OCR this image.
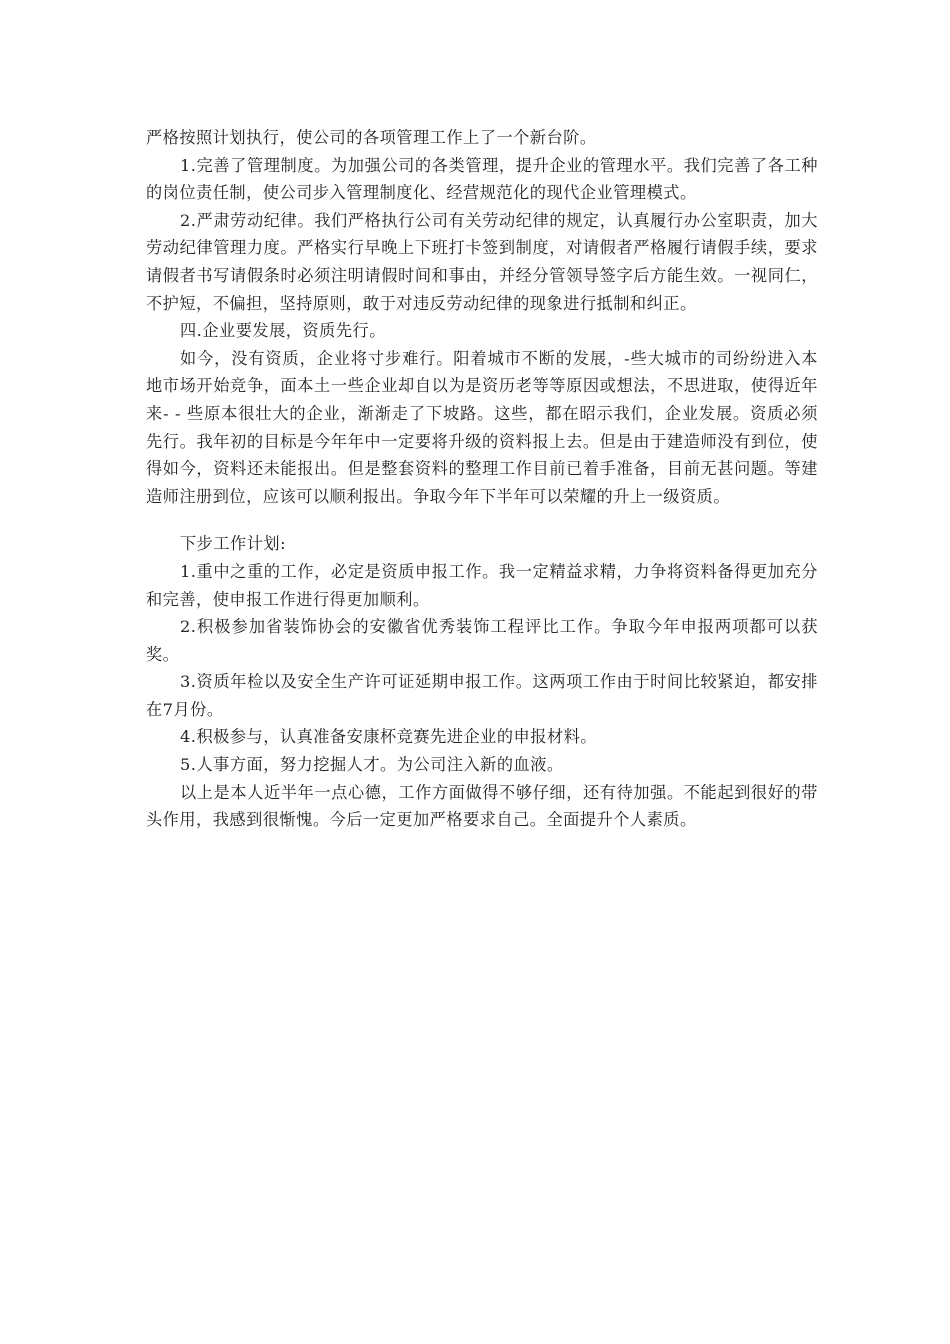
严格按照计划执行，使公司的各项管理工作上了一个新台阶。

1.完善了管理制度。为加强公司的各类管理，提升企业的管理水平。我们完善了各工种的岗位责任制，使公司步入管理制度化、经营规范化的现代企业管理模式。

2.严肃劳动纪律。我们严格执行公司有关劳动纪律的规定，认真履行办公室职责，加大劳动纪律管理力度。严格实行早晚上下班打卡签到制度，对请假者严格履行请假手续，要求请假者书写请假条时必须注明请假时间和事由，并经分管领导签字后方能生效。一视同仁，不护短，不偏担，坚持原则，敢于对违反劳动纪律的现象进行抵制和纠正。

四.企业要发展，资质先行。

如今，没有资质，企业将寸步难行。阳着城市不断的发展，-些大城市的司纷纷进入本地市场开始竞争，面本土一些企业却自以为是资历老等等原因或想法，不思进取，使得近年来- - 些原本很壮大的企业，渐渐走了下坡路。这些，都在昭示我们，企业发展。资质必须先行。我年初的目标是今年年中一定要将升级的资料报上去。但是由于建造师没有到位，使得如今，资料还未能报出。但是整套资料的整理工作目前已着手准备，目前无甚问题。等建造师注册到位，应该可以顺利报出。争取今年下半年可以荣耀的升上一级资质。

下步工作计划:

1.重中之重的工作，必定是资质申报工作。我一定精益求精，力争将资料备得更加充分和完善，使申报工作进行得更加顺利。

2.积极参加省装饰协会的安徽省优秀装饰工程评比工作。争取今年申报两项都可以获奖。

3.资质年检以及安全生产许可证延期申报工作。这两项工作由于时间比较紧迫，都安排在7月份。

4.积极参与，认真准备安康杯竞赛先进企业的申报材料。

5.人事方面，努力挖掘人才。为公司注入新的血液。

以上是本人近半年一点心德，工作方面做得不够仔细，还有待加强。不能起到很好的带头作用，我感到很惭愧。今后一定更加严格要求自己。全面提升个人素质。
